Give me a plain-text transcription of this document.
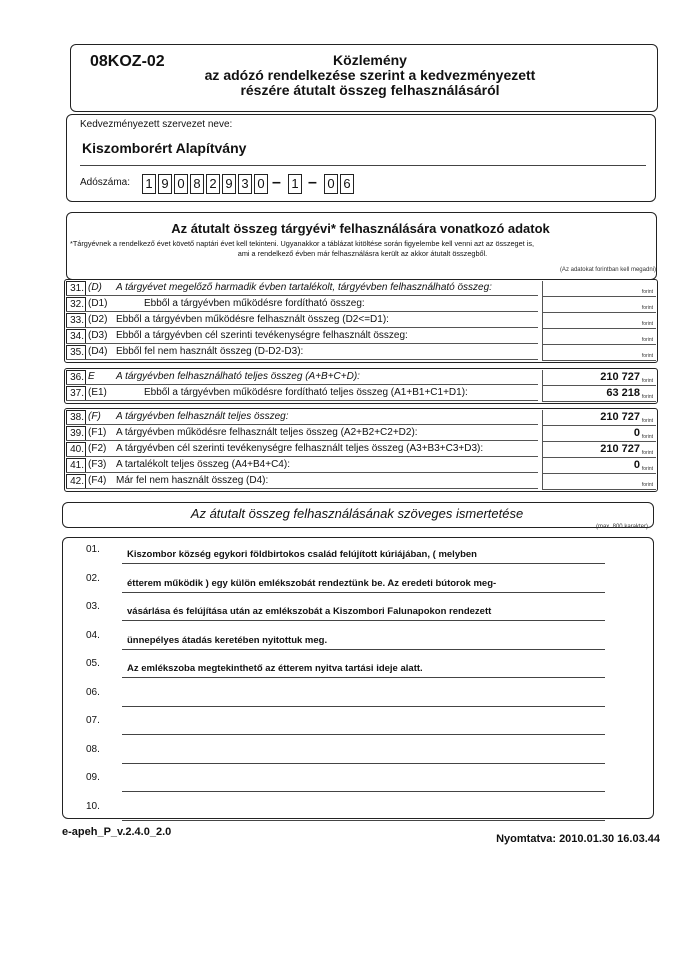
08KOZ-02	Közlemény
az adózó rendelkezése szerint a kedvezményezett
részére átutalt összeg felhasználásáról
Kedvezményezett szervezet neve:
Kiszomborért Alapítvány
Adószáma: 1 9 0 8 2 9 3 0 – 1 – 0 6
Az átutalt összeg tárgyévi* felhasználására vonatkozó adatok
*Tárgyévnek a rendelkező évet követő naptári évet kell tekinteni. Ugyanakkor a táblázat kitöltése során figyelembe kell venni azt az összeget is,
ami a rendelkező évben már felhasználásra került az akkor átutalt összegből.
(Az adatokat forintban kell megadni)
31. (D) A tárgyévet megelőző harmadik évben tartalékolt, tárgyévben felhasználható összeg:	forint
32. (D1)	Ebből a tárgyévben működésre fordítható összeg:	forint
33. (D2) Ebből a tárgyévben működésre felhasznált összeg (D2<=D1):	forint
34. (D3) Ebből a tárgyévben cél szerinti tevékenységre felhasznált összeg:	forint
35. (D4) Ebből fel nem használt összeg (D-D2-D3):	forint
36. E A tárgyévben felhasználható teljes összeg (A+B+C+D):	210 727 forint
37. (E1)	Ebből a tárgyévben működésre fordítható teljes összeg (A1+B1+C1+D1):	63 218 forint
38. (F) A tárgyévben felhasznált teljes összeg:	210 727 forint
39. (F1) A tárgyévben működésre felhasznált teljes összeg (A2+B2+C2+D2):	0 forint
40. (F2) A tárgyévben cél szerinti tevékenységre felhasznált teljes összeg (A3+B3+C3+D3):	210 727 forint
41. (F3) A tartalékolt teljes összeg (A4+B4+C4):	0 forint
42. (F4) Már fel nem használt összeg (D4):	forint
Az átutalt összeg felhasználásának szöveges ismertetése
(max. 800 karakter)
01.	Kiszombor község egykori földbirtokos család felújított kúriájában, ( melyben
02.	étterem működik ) egy külön emlékszobát rendeztünk be. Az eredeti bútorok meg-
03.	vásárlása és felújítása után az emlékszobát a Kiszombori Falunapokon rendezett
04.	ünnepélyes átadás keretében nyitottuk meg.
05.	Az emlékszoba megtekinthető az étterem nyitva tartási ideje alatt.
06.
07.
08.
09.
10.
e-apeh_P_v.2.4.0_2.0
Nyomtatva: 2010.01.30 16.03.44
